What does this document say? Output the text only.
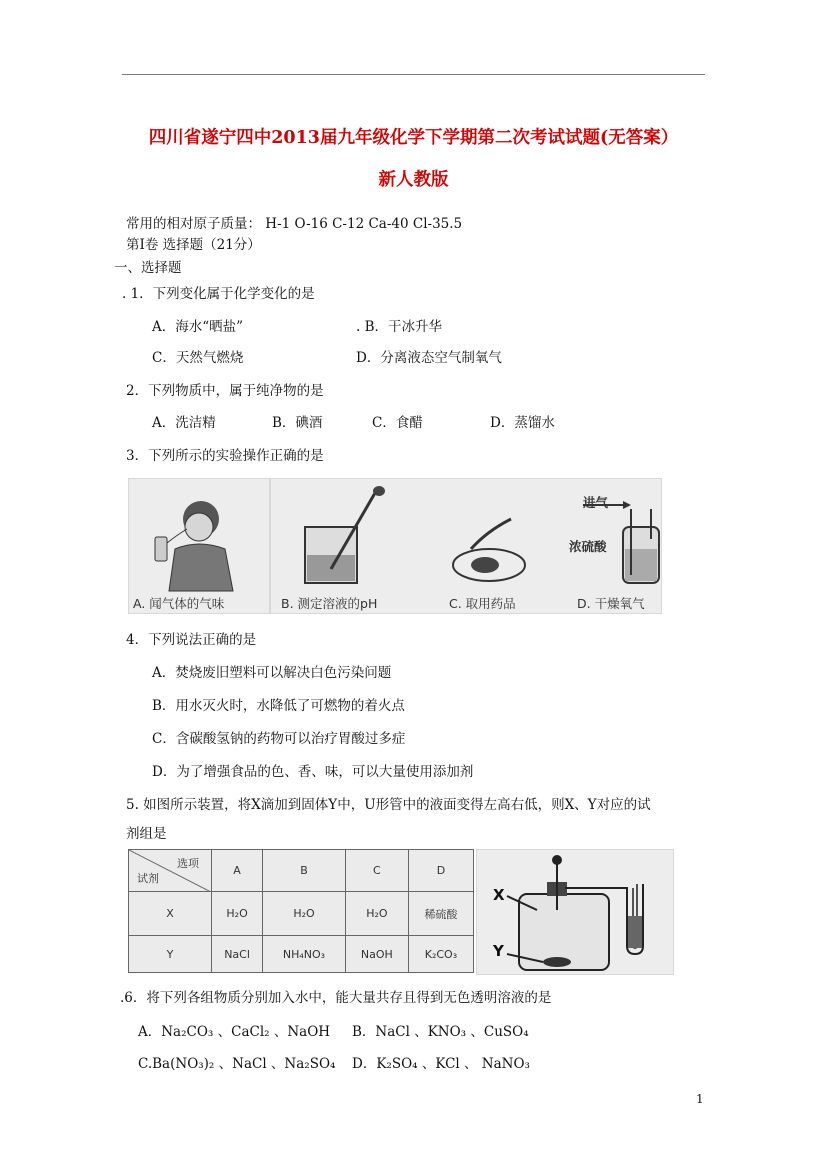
四川省遂宁四中2013届九年级化学下学期第二次考试试题(无答案）
新人教版
常用的相对原子质量： H-1 O-16 C-12 Ca-40 Cl-35.5
第Ⅰ卷 选择题（21分）
一、选择题
. 1．下列变化属于化学变化的是
A．海水“晒盐”	. B．干冰升华
C．天然气燃烧	D．分离液态空气制氧气
2．下列物质中，属于纯净物的是
A．洗洁精	B．碘酒	C．食醋	D．蒸馏水
3．下列所示的实验操作正确的是
A. 闻气体的气味
进气
浓硫酸
B. 测定溶液的pH	C. 取用药品	D. 干燥氧气
4．下列说法正确的是
A．焚烧废旧塑料可以解决白色污染问题
B．用水灭火时，水降低了可燃物的着火点
C．含碳酸氢钠的药物可以治疗胃酸过多症
D．为了增强食品的色、香、味，可以大量使用添加剂
5. 如图所示装置，将X滴加到固体Y中，U形管中的液面变得左高右低，则X、Y对应的试
剂组是
选项
试剂	A	B	C	D
X	H₂O	H₂O	H₂O	稀硫酸
Y	NaCl	NH₄NO₃	NaOH	K₂CO₃
X
Y
.6．将下列各组物质分别加入水中，能大量共存且得到无色透明溶液的是
A．Na₂CO₃ 、CaCl₂ 、NaOH B．NaCl 、KNO₃ 、CuSO₄
C.Ba(NO₃)₂ 、NaCl 、Na₂SO₄ D．K₂SO₄ 、KCl 、 NaNO₃
1
